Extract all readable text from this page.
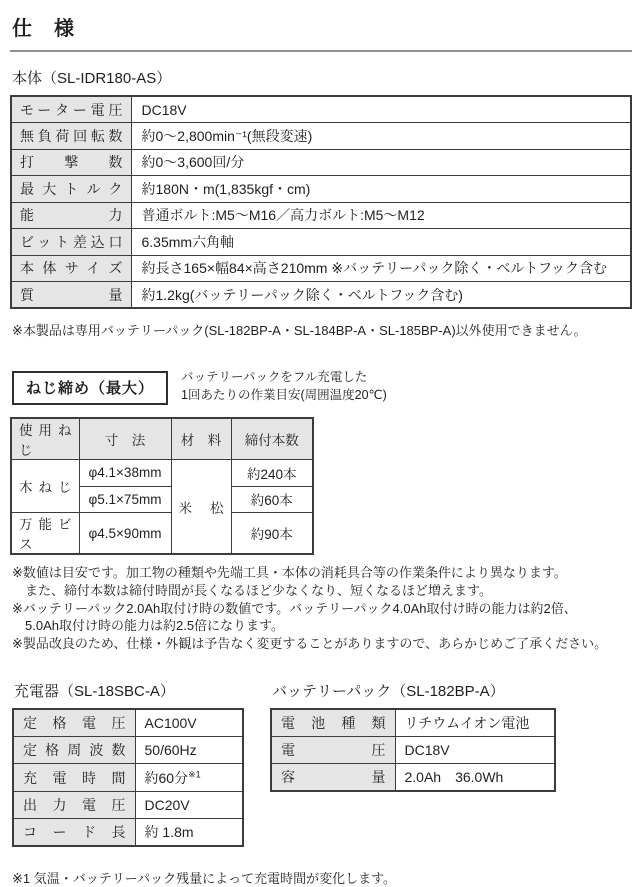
仕　様
本体（SL-IDR180-AS）
モーター電圧	DC18V
無負荷回転数	約0～2,800min⁻¹(無段変速)
打撃数	約0～3,600回/分
最大トルク	約180N・m(1,835kgf・cm)
能力	普通ボルト:M5～M16／高力ボルト:M5～M12
ビット差込口	6.35mm六角軸
本体サイズ	約長さ165×幅84×高さ210mm ※バッテリーパック除く・ベルトフック含む
質量	約1.2kg(バッテリーパック除く・ベルトフック含む)
※本製品は専用バッテリーパック(SL-182BP-A・SL-184BP-A・SL-185BP-A)以外使用できません。
ねじ締め（最大）
バッテリーパックをフル充電した
1回あたりの作業目安(周囲温度20℃)
使用ねじ	寸　法	材　料	締付本数
木ねじ	φ4.1×38mm	米松	約240本
	φ5.1×75mm		約60本
万能ビス	φ4.5×90mm		約90本
※数値は目安です。加工物の種類や先端工具・本体の消耗具合等の作業条件により異なります。
また、締付本数は締付時間が長くなるほど少なくなり、短くなるほど増えます。
※バッテリーパック2.0Ah取付け時の数値です。バッテリーパック4.0Ah取付け時の能力は約2倍、
5.0Ah取付け時の能力は約2.5倍になります。
※製品改良のため、仕様・外観は予告なく変更することがありますので、あらかじめご了承ください。
充電器（SL-18SBC-A）
定格電圧	AC100V
定格周波数	50/60Hz
充電時間	約60分$^{※1}$
出力電圧	DC20V
コード長	約 1.8m
バッテリーパック（SL-182BP-A）
電池種類	リチウムイオン電池
電圧	DC18V
容量	2.0Ah　36.0Wh
※1 気温・バッテリーパック残量によって充電時間が変化します。
